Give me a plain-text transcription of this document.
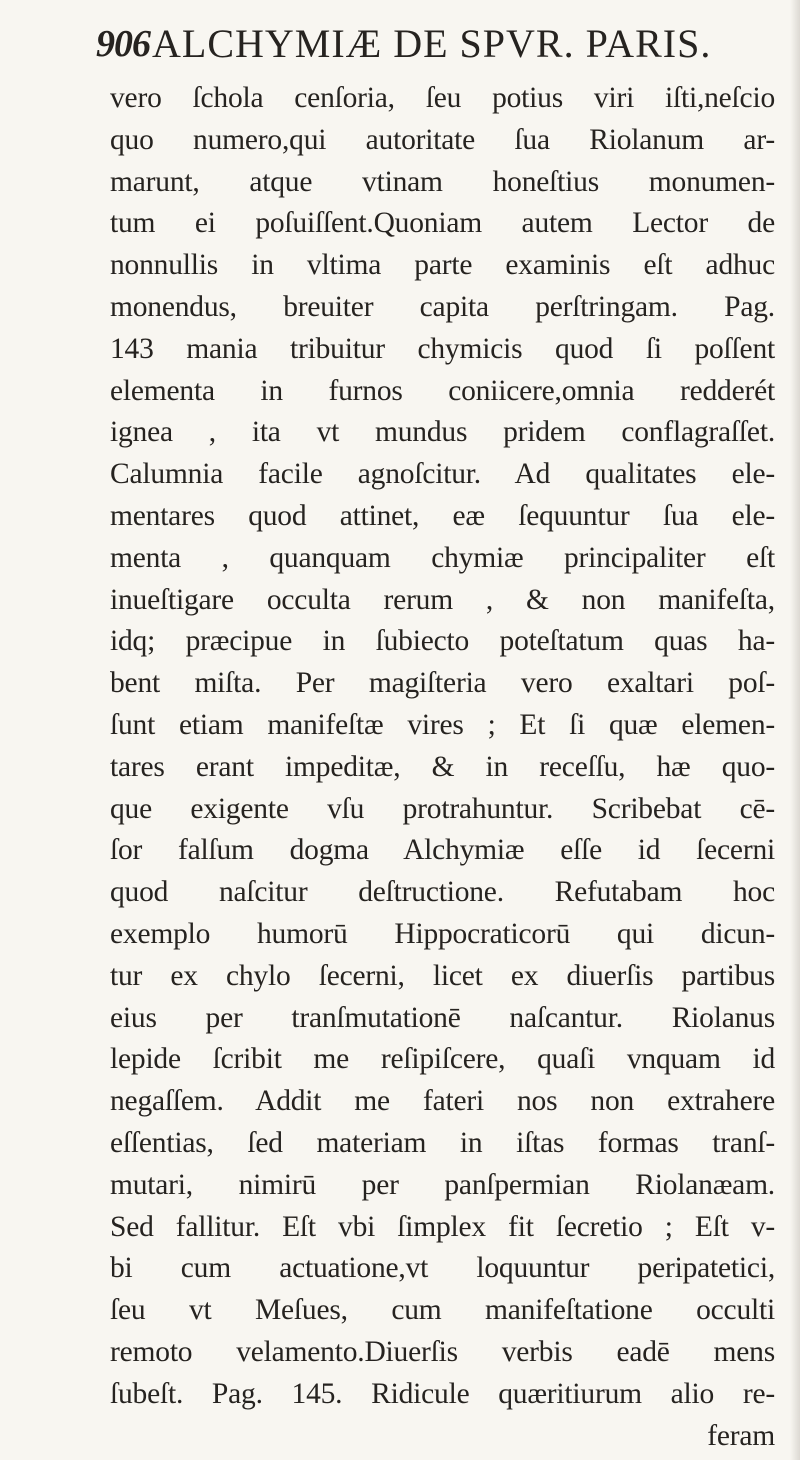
906 ALCHYMIÆ DE SPVR. PARIS.
vero ſchola cenſoria, ſeu potius viri iſti,neſcio
quo numero,qui autoritate ſua Riolanum ar-
marunt, atque vtinam honeſtius monumen-
tum ei poſuiſſent.Quoniam autem Lector de
nonnullis in vltima parte examinis eſt adhuc
monendus, breuiter capita perſtringam. Pag.
143 mania tribuitur chymicis quod ſi poſſent
elementa in furnos coniicere,omnia redderét
ignea , ita vt mundus pridem conflagraſſet.
Calumnia facile agnoſcitur. Ad qualitates ele-
mentares quod attinet, eæ ſequuntur ſua ele-
menta , quanquam chymiæ principaliter eſt
inueſtigare occulta rerum , & non manifeſta,
idq; præcipue in ſubiecto poteſtatum quas ha-
bent miſta. Per magiſteria vero exaltari poſ-
ſunt etiam manifeſtæ vires ; Et ſi quæ elemen-
tares erant impeditæ, & in receſſu, hæ quo-
que exigente vſu protrahuntur. Scribebat cē-
ſor falſum dogma Alchymiæ eſſe id ſecerni
quod naſcitur deſtructione. Refutabam hoc
exemplo humorū Hippocraticorū qui dicun-
tur ex chylo ſecerni, licet ex diuerſis partibus
eius per tranſmutationē naſcantur. Riolanus
lepide ſcribit me reſipiſcere, quaſi vnquam id
negaſſem. Addit me fateri nos non extrahere
eſſentias, ſed materiam in iſtas formas tranſ-
mutari, nimirū per panſpermian Riolanæam.
Sed fallitur. Eſt vbi ſimplex fit ſecretio ; Eſt v-
bi cum actuatione,vt loquuntur peripatetici,
ſeu vt Meſues, cum manifeſtatione occulti
remoto velamento.Diuerſis verbis eadē mens
ſubeſt. Pag. 145. Ridicule quæritiurum alio re-
feram
